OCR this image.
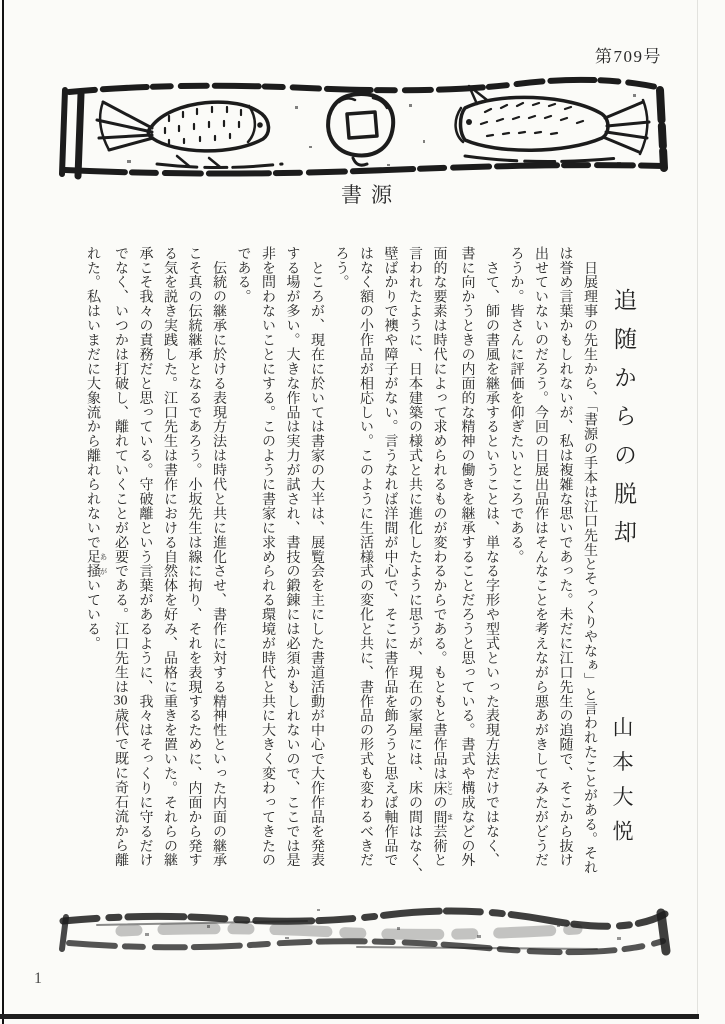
第709号
書源
追随からの脱却
山本大悦
　日展理事の先生から、「書源の手本は江口先生とそっくりやなぁ」と言われたことがある。それ
は誉め言葉かもしれないが、私は複雑な思いであった。未だに江口先生の追随で、そこから抜け
出せていないのだろう。今回の日展出品作はそんなことを考えながら悪あがきしてみたがどうだ
ろうか。皆さんに評価を仰ぎたいところである。
　さて、師の書風を継承するということは、単なる字形や型式といった表現方法だけではなく、
書に向かうときの内面的な精神の働きを継承することだろうと思っている。書式や構成などの外
面的な要素は時代によって求められるものが変わるからである。もともと書作品は床 とこの間 ま芸術と
言われたように、日本建築の様式と共に進化したように思うが、現在の家屋には、床の間はなく、
壁ばかりで襖や障子がない。言うなれば洋間が中心で、そこに書作品を飾ろうと思えば軸作品で
はなく額の小作品が相応しい。このように生活様式の変化と共に、書作品の形式も変わるべきだ
ろう。
　ところが、現在に於いては書家の大半は、展覧会を主にした書道活動が中心で大作作品を発表
する場が多い。大きな作品は実力が試され、書技の鍛錬には必須かもしれないので、ここでは是
非を問わないことにする。このように書家に求められる環境が時代と共に大きく変わってきたの
である。
　伝統の継承に於ける表現方法は時代と共に進化させ、書作に対する精神性といった内面の継承
こそ真の伝統継承となるであろう。小坂先生は線に拘り、それを表現するために、内面から発す
る気を説き実践した。江口先生は書作における自然体を好み、品格に重きを置いた。それらの継
承こそ我々の責務だと思っている。守破離という言葉があるように、我々はそっくりに守るだけ
でなく、いつかは打破し、離れていくことが必要である。江口先生は30歳代で既に奇石流から離
れた。私はいまだに大象流から離れられないで足掻 あがいている。
1
